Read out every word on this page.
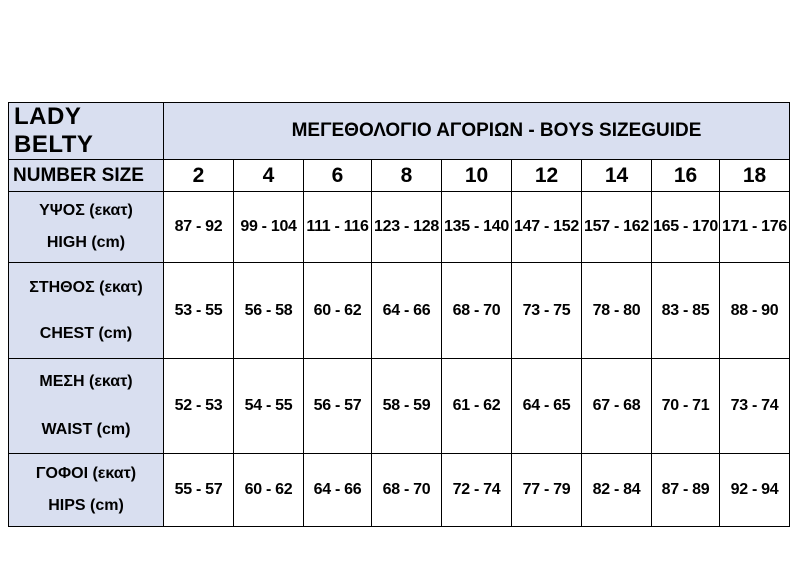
LADY BELTY	ΜΕΓΕΘΟΛΟΓΙΟ ΑΓΟΡΙΩΝ - BOYS SIZEGUIDE								
NUMBER SIZE	2	4	6	8	10	12	14	16	18

ΥΨΟΣ (εκατ)
HIGH (cm)	87 - 92	99 - 104	111 - 116	123 - 128	135 - 140	147 - 152	157 - 162	165 - 170	171 - 176

ΣΤΗΘΟΣ (εκατ)
CHEST (cm)	53 - 55	56 - 58	60 - 62	64 - 66	68 - 70	73 - 75	78 - 80	83 - 85	88 - 90

ΜΕΣΗ (εκατ)
WAIST (cm)	52 - 53	54 - 55	56 - 57	58 - 59	61 - 62	64 - 65	67 - 68	70 - 71	73 - 74

ΓΟΦΟΙ (εκατ)
HIPS (cm)	55 - 57	60 - 62	64 - 66	68 - 70	72 - 74	77 - 79	82 - 84	87 - 89	92 - 94
